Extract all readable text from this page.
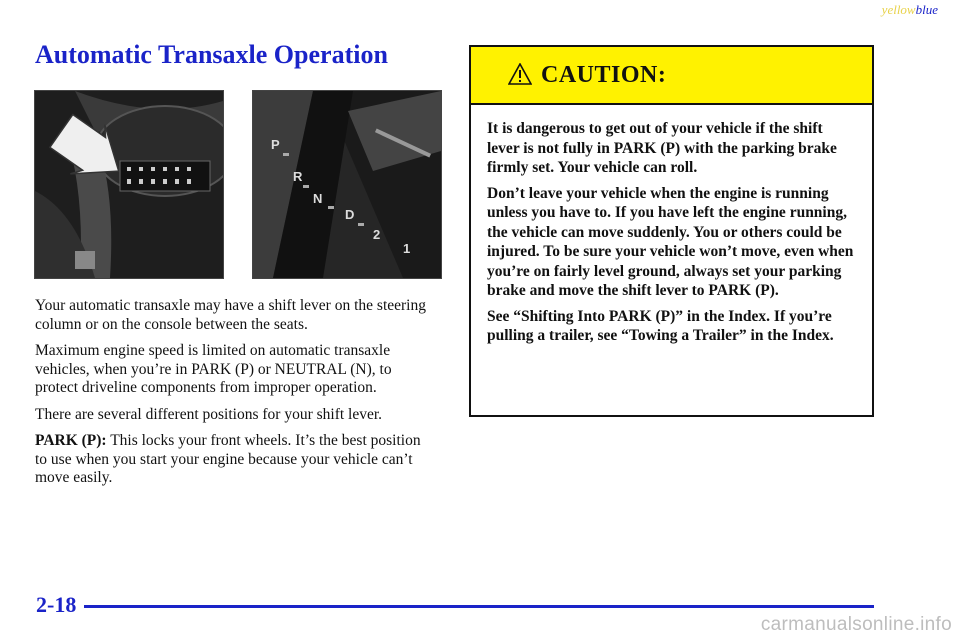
yellowblue
Automatic Transaxle Operation
P
R
N
D
2
1

Your automatic transaxle may have a shift lever on the steering column or on the console between the seats.

Maximum engine speed is limited on automatic transaxle vehicles, when you’re in PARK (P) or NEUTRAL (N), to protect driveline components from improper operation.

There are several different positions for your shift lever.

PARK (P): This locks your front wheels. It’s the best position to use when you start your engine because your vehicle can’t move easily.

CAUTION:

It is dangerous to get out of your vehicle if the shift lever is not fully in PARK (P) with the parking brake firmly set. Your vehicle can roll.

Don’t leave your vehicle when the engine is running unless you have to. If you have left the engine running, the vehicle can move suddenly. You or others could be injured. To be sure your vehicle won’t move, even when you’re on fairly level ground, always set your parking brake and move the shift lever to PARK (P).

See “Shifting Into PARK (P)” in the Index. If you’re pulling a trailer, see “Towing a Trailer” in the Index.

2-18
carmanualsonline.info
